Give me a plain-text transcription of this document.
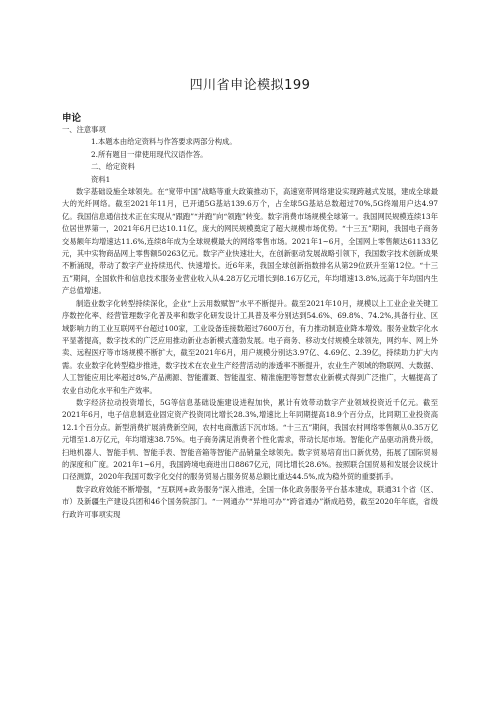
四川省申论模拟199
申论
一、注意事项
1.本题本由给定资料与作答要求两部分构成。
2.所有题目一律使用现代汉语作答。
二、给定资料
资料1
数字基础设施全球领先。在“宽带中国”战略等重大政策推动下，高速宽带网络建设实现跨越式发展，建成全球最大的光纤网络。截至2021年11月，已开通5G基站139.6万个，占全球5G基站总数超过70%,5G终端用户达4.97亿。我国信息通信技术正在实现从“跟跑”“并跑”向“领跑”转变。数字消费市场规模全球第一。我国网民规模连续13年位居世界第一，2021年6月已达10.11亿，庞大的网民规模奠定了超大规模市场优势。“十三五”期间，我国电子商务交易额年均增速达11.6%,连续8年成为全球规模最大的网络零售市场。2021年1~6月，全国网上零售额达61133亿元，其中实物商品网上零售额50263亿元。数字产业快速壮大，在创新驱动发展战略引领下，我国数字技术创新成果不断涌现，带动了数字产业持续迅代、快速增长。近6年来，我国全球创新指数排名从第29位跃升至第12位。“十三五”期间，全国软件和信息技术服务业营业收入从4.28万亿元增长到8.16万亿元，年均增速13.8%,远高于年均国内生产总值增速。
制造业数字化转型持续深化，企业“上云用数赋智”水平不断提升。截至2021年10月，规模以上工业企业关键工序数控化率、经营管理数字化普及率和数字化研发设计工具普及率分别达到54.6%、69.8%、74.2%,具备行业、区域影响力的工业互联网平台超过100家，工业设备连接数超过7600万台，有力推动制造业降本增效。服务业数字化水平显著提高，数字技术的广泛应用推动新业态新模式蓬勃发展。电子商务、移动支付规模全球领先，网约车、网上外卖、远程医疗等市场规模不断扩大，截至2021年6月，用户规模分别达3.97亿、4.69亿、2.39亿，持续助力扩大内需。农业数字化转型稳步推进，数字技术在农业生产经营活动的渗透率不断提升，农业生产领域的物联网、大数据、人工智能应用比率超过8%,产品溯源、智能灌溉、智能温室、精准施肥等智慧农业新模式得到广泛推广，大幅提高了农业自动化水平和生产效率。
数字经济拉动投资增长，5G等信息基础设施建设进程加快，累计有效带动数字产业领域投资近千亿元。截至2021年6月，电子信息制造业固定资产投资同比增长28.3%,增速比上年同期提高18.9个百分点，比同期工业投资高12.1个百分点。新型消费扩展消费新空间，农村电商激活下沉市场。“十三五”期间，我国农村网络零售额从0.35万亿元增至1.8万亿元，年均增速38.75%。电子商务满足消费者个性化需求，带动长尾市场。智能化产品驱动消费升级，扫地机器人、智能手机、智能手表、智能音箱等智能产品销量全球领先。数字贸易培育出口新优势，拓展了国际贸易的深度和广度。2021年1~6月，我国跨境电商进出口8867亿元，同比增长28.6%。按照联合国贸易和发展会议统计口径测算，2020年我国可数字化交付的服务贸易占服务贸易总额比重达44.5%,成为稳外贸的重要抓手。
数字政府效能不断增强，“互联网+政务服务”深入推进，全国一体化政务服务平台基本建成，联通31个省（区、市）及新疆生产建设兵团和46个国务院部门。“一网通办”“异地可办”“跨省通办”渐成趋势，截至2020年年底，省级行政许可事项实现
